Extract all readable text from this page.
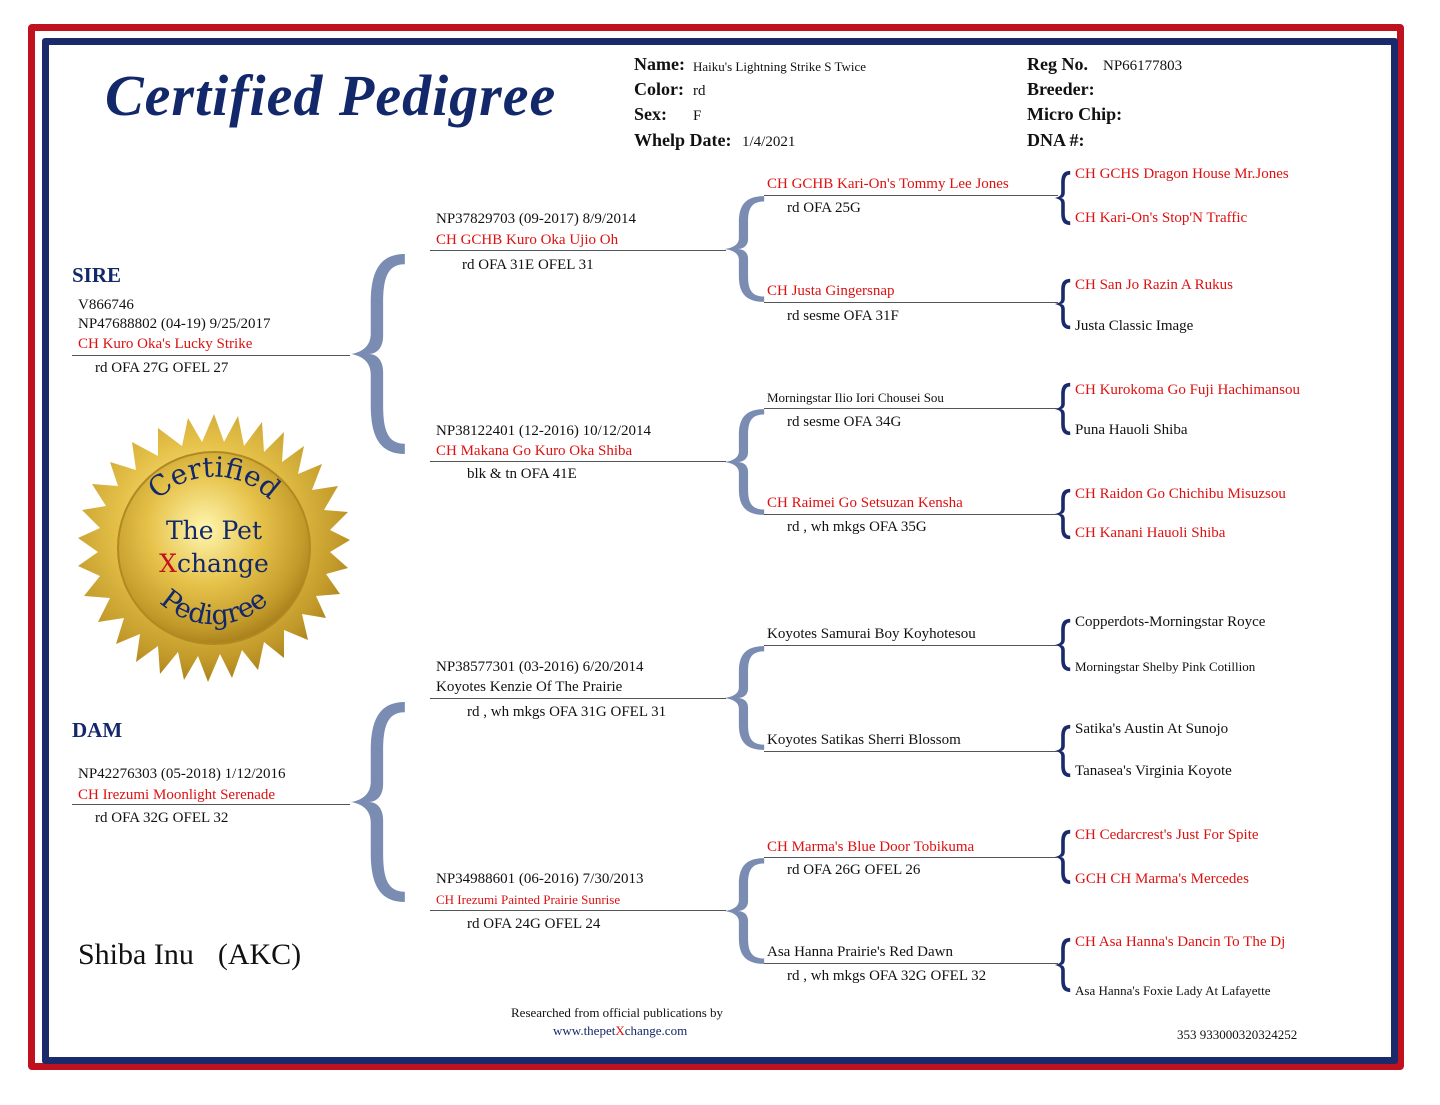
Certified Pedigree	Name: Haiku's Lightning Strike S Twice
Color: rd
Sex: F
Whelp Date: 1/4/2021
Reg No. NP66177803
Breeder:
Micro Chip:
DNA #:
SIRE
V866746
NP47688802 (04-19) 9/25/2017
CH Kuro Oka's Lucky Strike
rd OFA 27G OFEL 27
DAM
NP42276303 (05-2018) 1/12/2016
CH Irezumi Moonlight Serenade
rd OFA 32G OFEL 32
NP37829703 (09-2017) 8/9/2014
CH GCHB Kuro Oka Ujio Oh
rd OFA 31E OFEL 31
NP38122401 (12-2016) 10/12/2014
CH Makana Go Kuro Oka Shiba
blk & tn OFA 41E
NP38577301 (03-2016) 6/20/2014
Koyotes Kenzie Of The Prairie
rd , wh mkgs OFA 31G OFEL 31
NP34988601 (06-2016) 7/30/2013
CH Irezumi Painted Prairie Sunrise
rd OFA 24G OFEL 24
CH GCHB Kari-On's Tommy Lee Jones
rd OFA 25G
CH Justa Gingersnap
rd sesme OFA 31F
Morningstar Ilio Iori Chousei Sou
rd sesme OFA 34G
CH Raimei Go Setsuzan Kensha
rd , wh mkgs OFA 35G
Koyotes Samurai Boy Koyhotesou
Koyotes Satikas Sherri Blossom
CH Marma's Blue Door Tobikuma
rd OFA 26G OFEL 26
Asa Hanna Prairie's Red Dawn
rd , wh mkgs OFA 32G OFEL 32
CH GCHS Dragon House Mr.Jones
CH Kari-On's Stop'N Traffic
CH San Jo Razin A Rukus
Justa Classic Image
CH Kurokoma Go Fuji Hachimansou
Puna Hauoli Shiba
CH Raidon Go Chichibu Misuzsou
CH Kanani Hauoli Shiba
Copperdots-Morningstar Royce
Morningstar Shelby Pink Cotillion
Satika's Austin At Sunojo
Tanasea's Virginia Koyote
CH Cedarcrest's Just For Spite
GCH CH Marma's Mercedes
CH Asa Hanna's Dancin To The Dj
Asa Hanna's Foxie Lady At Lafayette
Certified
The Pet
Xchange
Pedigree
Shiba Inu (AKC)
Researched from official publications by
www.thepetXchange.com	353 933000320324252
